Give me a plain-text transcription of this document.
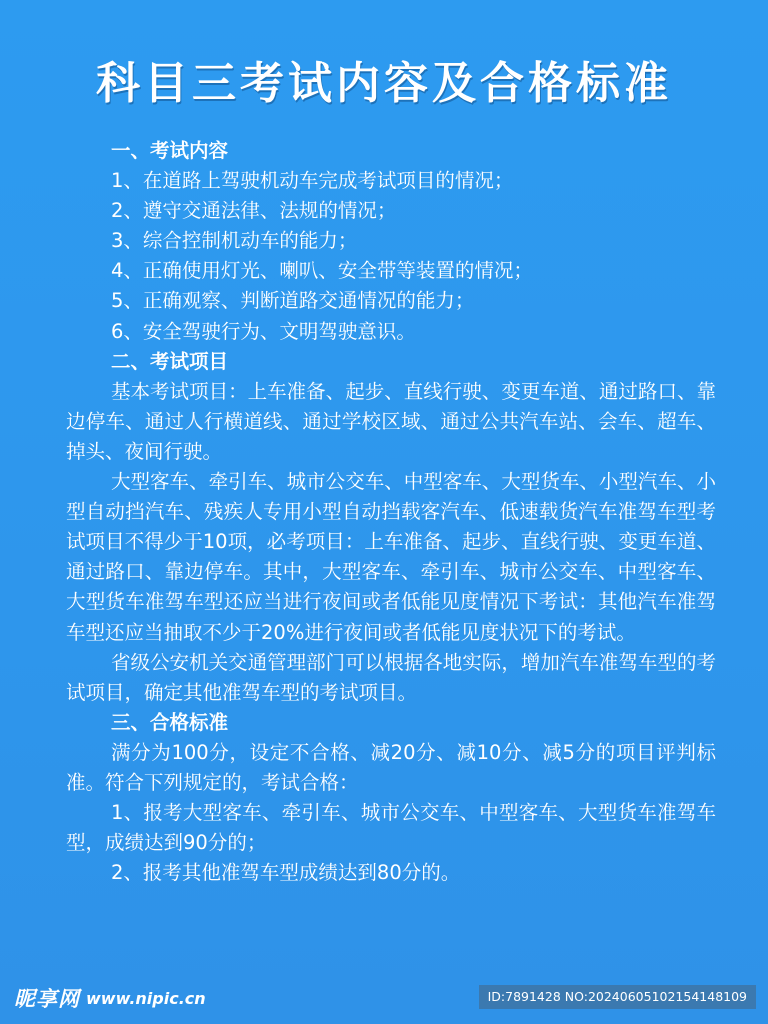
科目三考试内容及合格标准

一、考试内容

1、在道路上驾驶机动车完成考试项目的情况；

2、遵守交通法律、法规的情况；

3、综合控制机动车的能力；

4、正确使用灯光、喇叭、安全带等装置的情况；

5、正确观察、判断道路交通情况的能力；

6、安全驾驶行为、文明驾驶意识。

二、考试项目

基本考试项目：上车准备、起步、直线行驶、变更车道、通过路口、靠边停车、通过人行横道线、通过学校区域、通过公共汽车站、会车、超车、掉头、夜间行驶。

大型客车、牵引车、城市公交车、中型客车、大型货车、小型汽车、小型自动挡汽车、残疾人专用小型自动挡载客汽车、低速载货汽车准驾车型考试项目不得少于10项，必考项目：上车准备、起步、直线行驶、变更车道、通过路口、靠边停车。其中，大型客车、牵引车、城市公交车、中型客车、大型货车准驾车型还应当进行夜间或者低能见度情况下考试：其他汽车准驾车型还应当抽取不少于20%进行夜间或者低能见度状况下的考试。

省级公安机关交通管理部门可以根据各地实际，增加汽车准驾车型的考试项目，确定其他准驾车型的考试项目。

三、合格标准

满分为100分，设定不合格、减20分、减10分、减5分的项目评判标准。符合下列规定的，考试合格：

1、报考大型客车、牵引车、城市公交车、中型客车、大型货车准驾车型，成绩达到90分的；

2、报考其他准驾车型成绩达到80分的。

昵享网 www.nipic.cn	ID:7891428 NO:20240605102154148109
